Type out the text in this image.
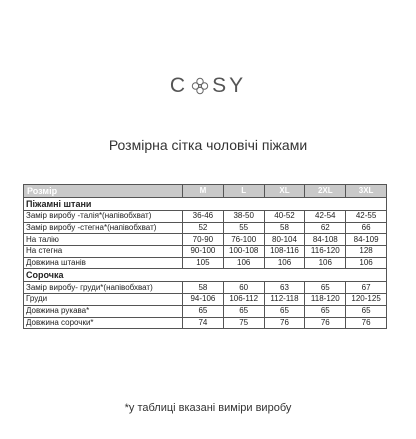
C SY
Розмірна сітка чоловічі піжами
Розмір	M	L	XL	2XL	3XL
Піжамні штани					
Замір виробу -талія*(напівобхват)	36-46	38-50	40-52	42-54	42-55
Замір виробу -стегна*(напівобхват)	52	55	58	62	66
На талію	70-90	76-100	80-104	84-108	84-109
На стегна	90-100	100-108	108-116	116-120	128
Довжина штанів	105	106	106	106	106
Сорочка					
Замір виробу- груди*(напівобхват)	58	60	63	65	67
Груди	94-106	106-112	112-118	118-120	120-125
Довжина рукава*	65	65	65	65	65
Довжина сорочки*	74	75	76	76	76
*у таблиці вказані виміри виробу
